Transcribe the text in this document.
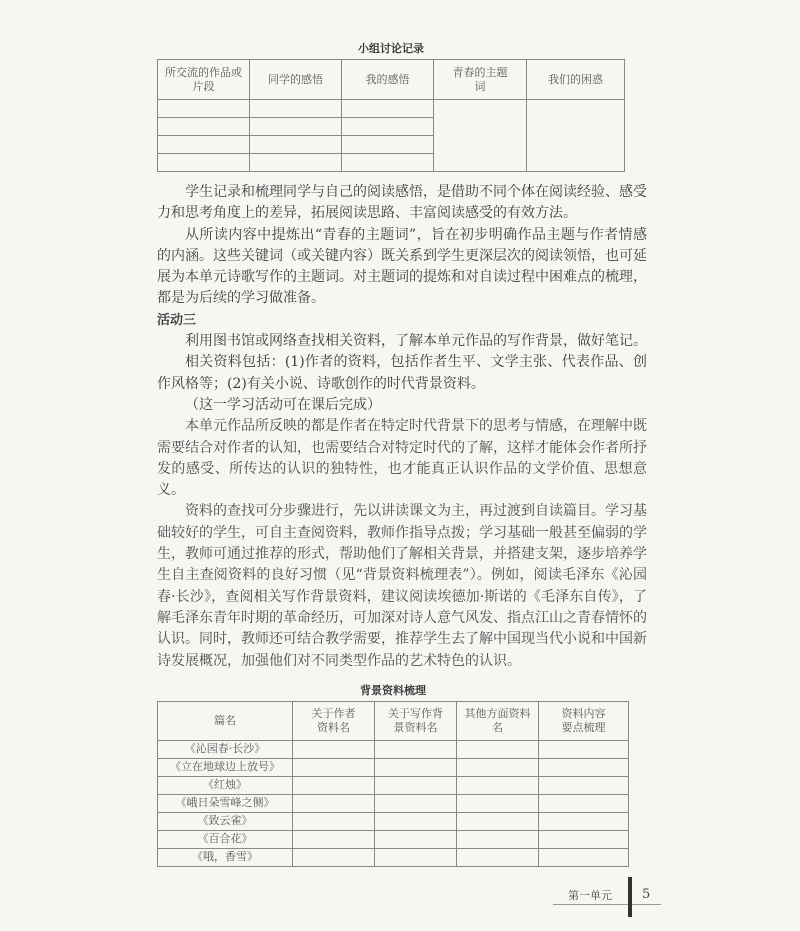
小组讨论记录
所交流的作品或片段	同学的感悟	我的感悟	青春的主题词	我们的困惑

学生记录和梳理同学与自己的阅读感悟，是借助不同个体在阅读经验、感受力和思考角度上的差异，拓展阅读思路、丰富阅读感受的有效方法。

从所读内容中提炼出“青春的主题词”，旨在初步明确作品主题与作者情感的内涵。这些关键词（或关键内容）既关系到学生更深层次的阅读领悟，也可延展为本单元诗歌写作的主题词。对主题词的提炼和对自读过程中困难点的梳理，都是为后续的学习做准备。

活动三

利用图书馆或网络查找相关资料，了解本单元作品的写作背景，做好笔记。

相关资料包括：(1)作者的资料，包括作者生平、文学主张、代表作品、创作风格等；(2)有关小说、诗歌创作的时代背景资料。

（这一学习活动可在课后完成）

本单元作品所反映的都是作者在特定时代背景下的思考与情感，在理解中既需要结合对作者的认知，也需要结合对特定时代的了解，这样才能体会作者所抒发的感受、所传达的认识的独特性，也才能真正认识作品的文学价值、思想意义。

资料的查找可分步骤进行，先以讲读课文为主，再过渡到自读篇目。学习基础较好的学生，可自主查阅资料，教师作指导点拨；学习基础一般甚至偏弱的学生，教师可通过推荐的形式，帮助他们了解相关背景，并搭建支架，逐步培养学生自主查阅资料的良好习惯（见“背景资料梳理表”）。例如，阅读毛泽东《沁园春·长沙》，查阅相关写作背景资料，建议阅读埃德加·斯诺的《毛泽东自传》，了解毛泽东青年时期的革命经历，可加深对诗人意气风发、指点江山之青春情怀的认识。同时，教师还可结合教学需要，推荐学生去了解中国现当代小说和中国新诗发展概况，加强他们对不同类型作品的艺术特色的认识。

背景资料梳理
篇名	关于作者资料名	关于写作背景资料名	其他方面资料名	资料内容要点梳理
《沁园春·长沙》				
《立在地球边上放号》				
《红烛》				
《峨日朵雪峰之侧》				
《致云雀》				
《百合花》				
《哦，香雪》				
第一单元 5
